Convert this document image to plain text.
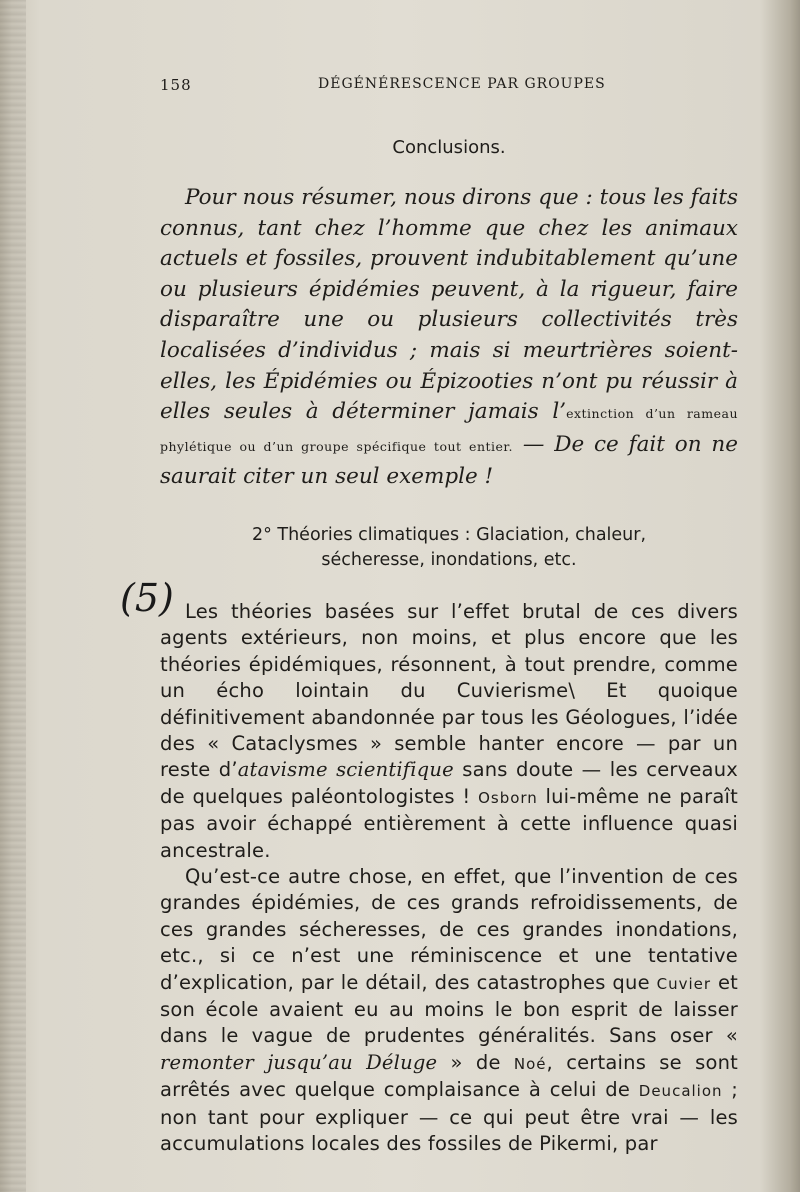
(5)
158	DÉGÉNÉRESCENCE PAR GROUPES
Conclusions.

Pour nous résumer, nous dirons que : tous les faits connus, tant chez l’homme que chez les animaux actuels et fossiles, prouvent indubitablement qu’une ou plusieurs épidémies peuvent, à la rigueur, faire disparaître une ou plusieurs collectivités très localisées d’individus ; mais si meurtrières soient-elles, les Épidémies ou Épizooties n’ont pu réussir à elles seules à déterminer jamais l’extinction d’un rameau phylétique ou d’un groupe spécifique tout entier. — De ce fait on ne saurait citer un seul exemple !

2° Théories climatiques : Glaciation, chaleur,
sécheresse, inondations, etc.

Les théories basées sur l’effet brutal de ces divers agents extérieurs, non moins, et plus encore que les théories épidémiques, résonnent, à tout prendre, comme un écho lointain du Cuvierisme\ Et quoique définitivement abandonnée par tous les Géologues, l’idée des « Cataclysmes » semble hanter encore — par un reste d’atavisme scientifique sans doute — les cerveaux de quelques paléontologistes ! Osborn lui-même ne paraît pas avoir échappé entièrement à cette influence quasi ancestrale.

Qu’est-ce autre chose, en effet, que l’invention de ces grandes épidémies, de ces grands refroidissements, de ces grandes sécheresses, de ces grandes inondations, etc., si ce n’est une réminiscence et une tentative d’explication, par le détail, des catastrophes que Cuvier et son école avaient eu au moins le bon esprit de laisser dans le vague de prudentes généralités. Sans oser « remonter jusqu’au Déluge » de Noé, certains se sont arrêtés avec quelque complaisance à celui de Deucalion ; non tant pour expliquer — ce qui peut être vrai — les accumulations locales des fossiles de Pikermi, par
